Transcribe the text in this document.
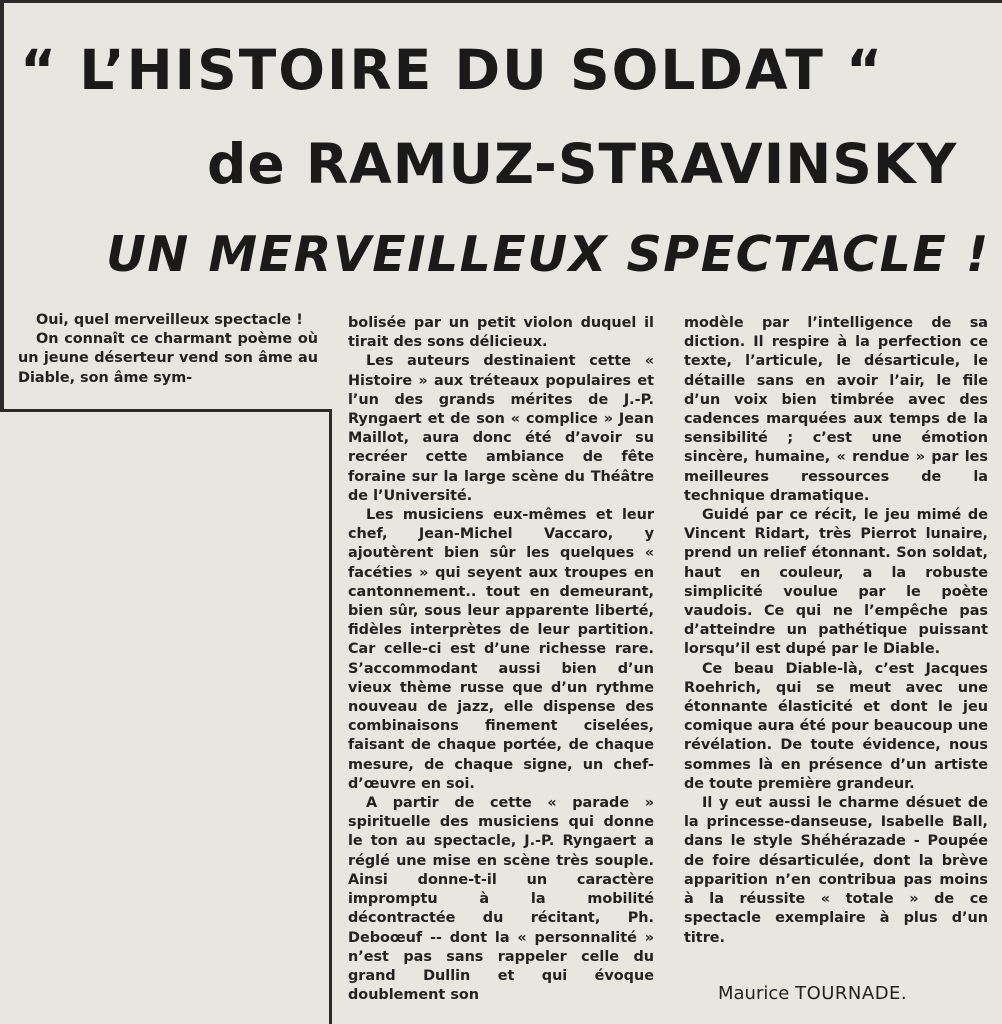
“ L’HISTOIRE DU SOLDAT “
de RAMUZ-STRAVINSKY
UN MERVEILLEUX SPECTACLE !

Oui, quel merveilleux spectacle !

On connaît ce charmant poème où un jeune déserteur vend son âme au Diable, son âme sym-

bolisée par un petit violon duquel il tirait des sons délicieux.

Les auteurs destinaient cette « Histoire » aux tréteaux populaires et l’un des grands mérites de J.-P. Ryngaert et de son « complice » Jean Maillot, aura donc été d’avoir su recréer cette ambiance de fête foraine sur la large scène du Théâtre de l’Université.

Les musiciens eux-mêmes et leur chef, Jean-Michel Vaccaro, y ajoutèrent bien sûr les quelques « facéties » qui seyent aux troupes en cantonnement.. tout en demeurant, bien sûr, sous leur apparente liberté, fidèles interprètes de leur partition. Car celle-ci est d’une richesse rare. S’accommodant aussi bien d’un vieux thème russe que d’un rythme nouveau de jazz, elle dispense des combinaisons finement ciselées, faisant de chaque portée, de chaque mesure, de chaque signe, un chef-d’œuvre en soi.

A partir de cette « parade » spirituelle des musiciens qui donne le ton au spectacle, J.-P. Ryngaert a réglé une mise en scène très souple. Ainsi donne-t-il un caractère impromptu à la mobilité décontractée du récitant, Ph. Deboœuf -- dont la « personnalité » n’est pas sans rappeler celle du grand Dullin et qui évoque doublement son

modèle par l’intelligence de sa diction. Il respire à la perfection ce texte, l’articule, le désarticule, le détaille sans en avoir l’air, le file d’un voix bien timbrée avec des cadences marquées aux temps de la sensibilité ; c’est une émotion sincère, humaine, « rendue » par les meilleures ressources de la technique dramatique.

Guidé par ce récit, le jeu mimé de Vincent Ridart, très Pierrot lunaire, prend un relief étonnant. Son soldat, haut en couleur, a la robuste simplicité voulue par le poète vaudois. Ce qui ne l’empêche pas d’atteindre un pathétique puissant lorsqu’il est dupé par le Diable.

Ce beau Diable-là, c’est Jacques Roehrich, qui se meut avec une étonnante élasticité et dont le jeu comique aura été pour beaucoup une révélation. De toute évidence, nous sommes là en présence d’un artiste de toute première grandeur.

Il y eut aussi le charme désuet de la princesse-danseuse, Isabelle Ball, dans le style Shéhérazade - Poupée de foire désarticulée, dont la brève apparition n’en contribua pas moins à la réussite « totale » de ce spectacle exemplaire à plus d’un titre.

Maurice TOURNADE.
